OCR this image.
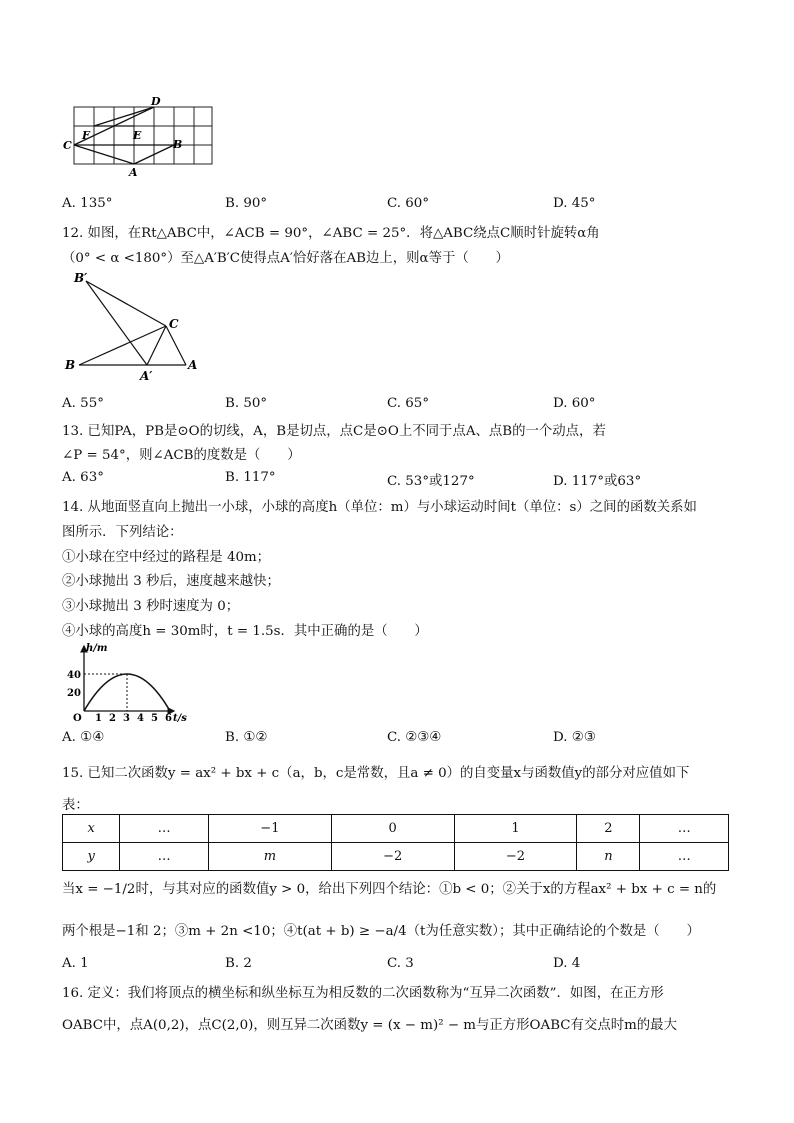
D
F	E
C	B
A
A. 135°	B. 90°	C. 60°	D. 45°
12. 如图，在Rt△ABC中，∠ACB = 90°，∠ABC = 25°．将△ABC绕点C顺时针旋转α角
（0° < α <180°）至△A′B′C使得点A′恰好落在AB边上，则α等于（　　）
B′
C
B	A
A′
A. 55°	B. 50°	C. 65°	D. 60°
13. 已知PA，PB是⊙O的切线，A，B是切点，点C是⊙O上不同于点A、点B的一个动点，若
∠P = 54°，则∠ACB的度数是（　　）
A. 63°	B. 117°	C. 53°或127°	D. 117°或63°
14. 从地面竖直向上抛出一小球，小球的高度h（单位：m）与小球运动时间t（单位：s）之间的函数关系如
图所示．下列结论：
①小球在空中经过的路程是 40m；
②小球抛出 3 秒后，速度越来越快；
③小球抛出 3 秒时速度为 0；
④小球的高度h = 30m时，t = 1.5s．其中正确的是（　　）
h/m
40
20
O 1 2 3 4 5 6 t/s
A. ①④	B. ①②	C. ②③④	D. ②③
15. 已知二次函数y = ax² + bx + c（a，b，c是常数，且a ≠ 0）的自变量x与函数值y的部分对应值如下
表：
x	…	−1	0	1	2	…
y	…	m	−2	−2	n	…
当x = −1/2时，与其对应的函数值y > 0，给出下列四个结论：①b < 0；②关于x的方程ax² + bx + c = n的
两个根是−1和 2；③m + 2n <10；④t(at + b) ≥ −a/4（t为任意实数）；其中正确结论的个数是（　　）
A. 1	B. 2	C. 3	D. 4
16. 定义：我们将顶点的横坐标和纵坐标互为相反数的二次函数称为“互异二次函数”．如图，在正方形
OABC中，点A(0,2)，点C(2,0)，则互异二次函数y = (x − m)² − m与正方形OABC有交点时m的最大
